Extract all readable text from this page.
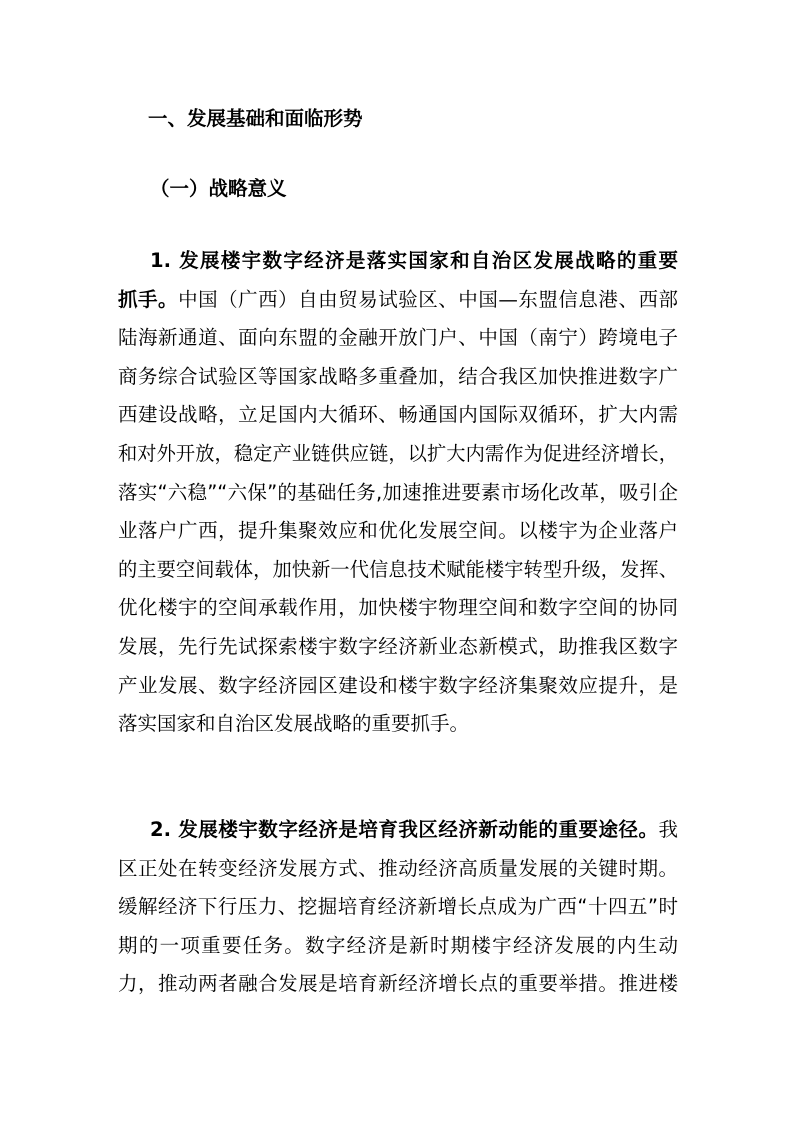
一、发展基础和面临形势
（一）战略意义
1. 发展楼宇数字经济是落实国家和自治区发展战略的重要
抓手。中国（广西）自由贸易试验区、中国—东盟信息港、西部
陆海新通道、面向东盟的金融开放门户、中国（南宁）跨境电子
商务综合试验区等国家战略多重叠加，结合我区加快推进数字广
西建设战略，立足国内大循环、畅通国内国际双循环，扩大内需
和对外开放，稳定产业链供应链，以扩大内需作为促进经济增长，
落实“六稳”“六保”的基础任务,加速推进要素市场化改革，吸引企
业落户广西，提升集聚效应和优化发展空间。以楼宇为企业落户
的主要空间载体，加快新一代信息技术赋能楼宇转型升级，发挥、
优化楼宇的空间承载作用，加快楼宇物理空间和数字空间的协同
发展，先行先试探索楼宇数字经济新业态新模式，助推我区数字
产业发展、数字经济园区建设和楼宇数字经济集聚效应提升，是
落实国家和自治区发展战略的重要抓手。
2. 发展楼宇数字经济是培育我区经济新动能的重要途径。我
区正处在转变经济发展方式、推动经济高质量发展的关键时期。
缓解经济下行压力、挖掘培育经济新增长点成为广西“十四五”时
期的一项重要任务。数字经济是新时期楼宇经济发展的内生动
力，推动两者融合发展是培育新经济增长点的重要举措。推进楼
